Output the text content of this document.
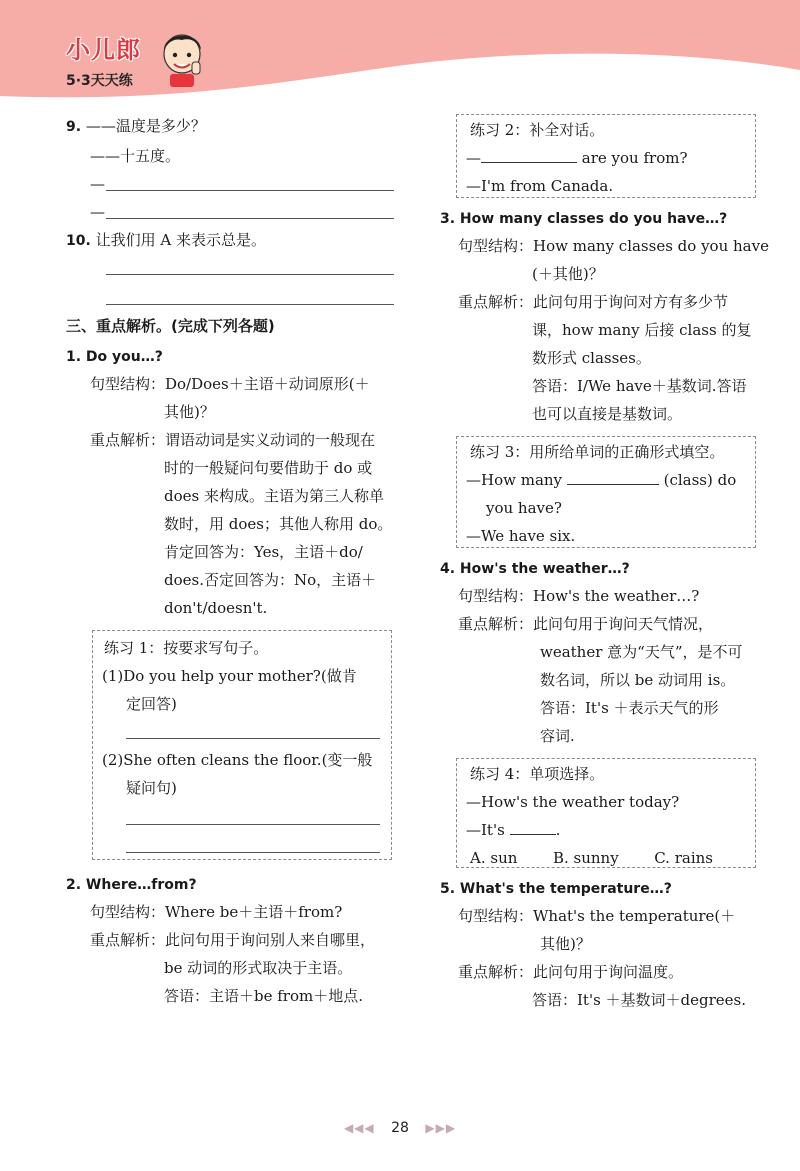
小儿郎
5·3天天练
9. ——温度是多少？
——十五度。
—
—
10. 让我们用 A 来表示总是。
三、重点解析。(完成下列各题)
1. Do you…?
句型结构：Do/Does＋主语＋动词原形(＋
其他)？
重点解析：谓语动词是实义动词的一般现在
时的一般疑问句要借助于 do 或
does 来构成。主语为第三人称单
数时，用 does；其他人称用 do。
肯定回答为：Yes，主语＋do/
does.否定回答为：No，主语＋
don't/doesn't.
练习 1：按要求写句子。
(1)Do you help your mother?(做肯
定回答)
(2)She often cleans the floor.(变一般
疑问句)
2. Where…from?
句型结构：Where be＋主语＋from?
重点解析：此问句用于询问别人来自哪里，
be 动词的形式取决于主语。
答语：主语＋be from＋地点.
练习 2：补全对话。
—	are you from?
—I'm from Canada.
3. How many classes do you have…?
句型结构：How many classes do you have
(＋其他)？
重点解析：此问句用于询问对方有多少节
课，how many 后接 class 的复
数形式 classes。
答语：I/We have＋基数词.答语
也可以直接是基数词。
练习 3：用所给单词的正确形式填空。
—How many	(class) do
you have?
—We have six.
4. How's the weather…?
句型结构：How's the weather…?
重点解析：此问句用于询问天气情况，
weather 意为“天气”，是不可
数名词，所以 be 动词用 is。
答语：It's ＋表示天气的形
容词.
练习 4：单项选择。
—How's the weather today?
—It's	.
A. sun B. sunny C. rains
5. What's the temperature…?
句型结构：What's the temperature(＋
其他)？
重点解析：此问句用于询问温度。
答语：It's ＋基数词＋degrees.
◀◀◀ 28 ▶▶▶
